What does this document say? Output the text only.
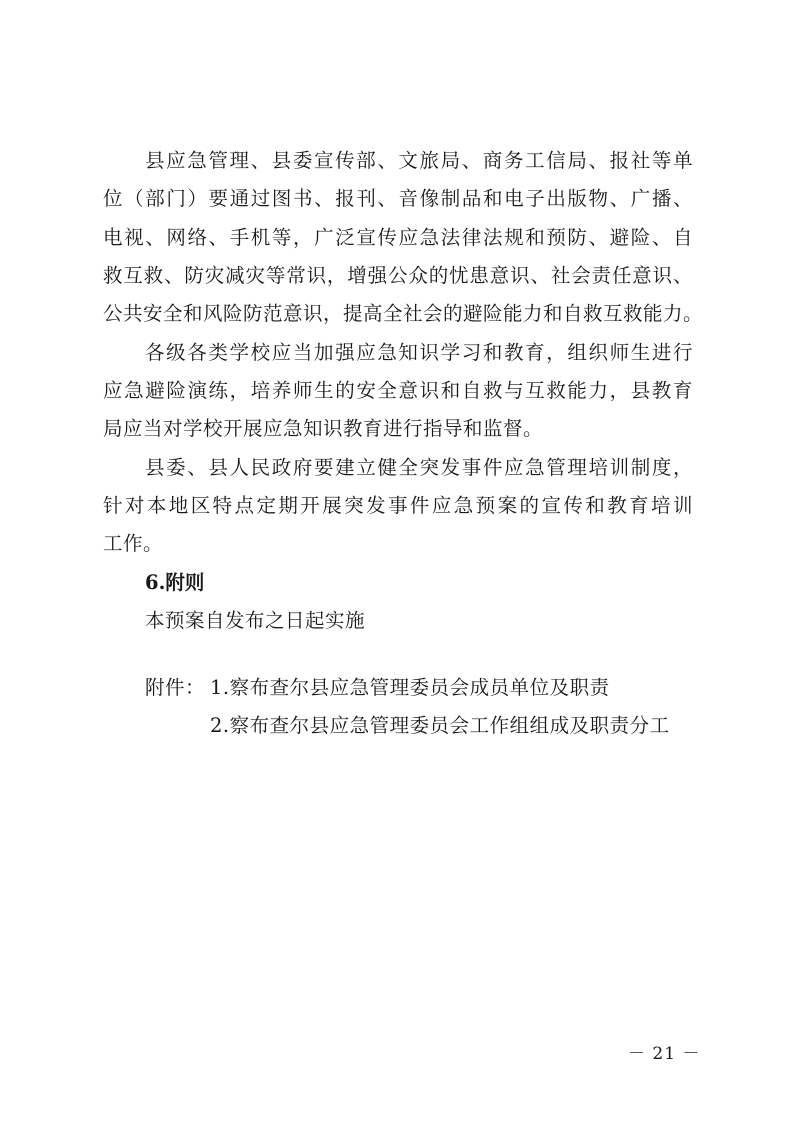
县应急管理、县委宣传部、文旅局、商务工信局、报社等单
位（部门）要通过图书、报刊、音像制品和电子出版物、广播、
电视、网络、手机等，广泛宣传应急法律法规和预防、避险、自
救互救、防灾减灾等常识，增强公众的忧患意识、社会责任意识、
公共安全和风险防范意识，提高全社会的避险能力和自救互救能力。
各级各类学校应当加强应急知识学习和教育，组织师生进行
应急避险演练，培养师生的安全意识和自救与互救能力，县教育
局应当对学校开展应急知识教育进行指导和监督。
县委、县人民政府要建立健全突发事件应急管理培训制度，
针对本地区特点定期开展突发事件应急预案的宣传和教育培训
工作。
6.附则
本预案自发布之日起实施
附件： 1.察布查尔县应急管理委员会成员单位及职责
2.察布查尔县应急管理委员会工作组组成及职责分工
－ 21 －
